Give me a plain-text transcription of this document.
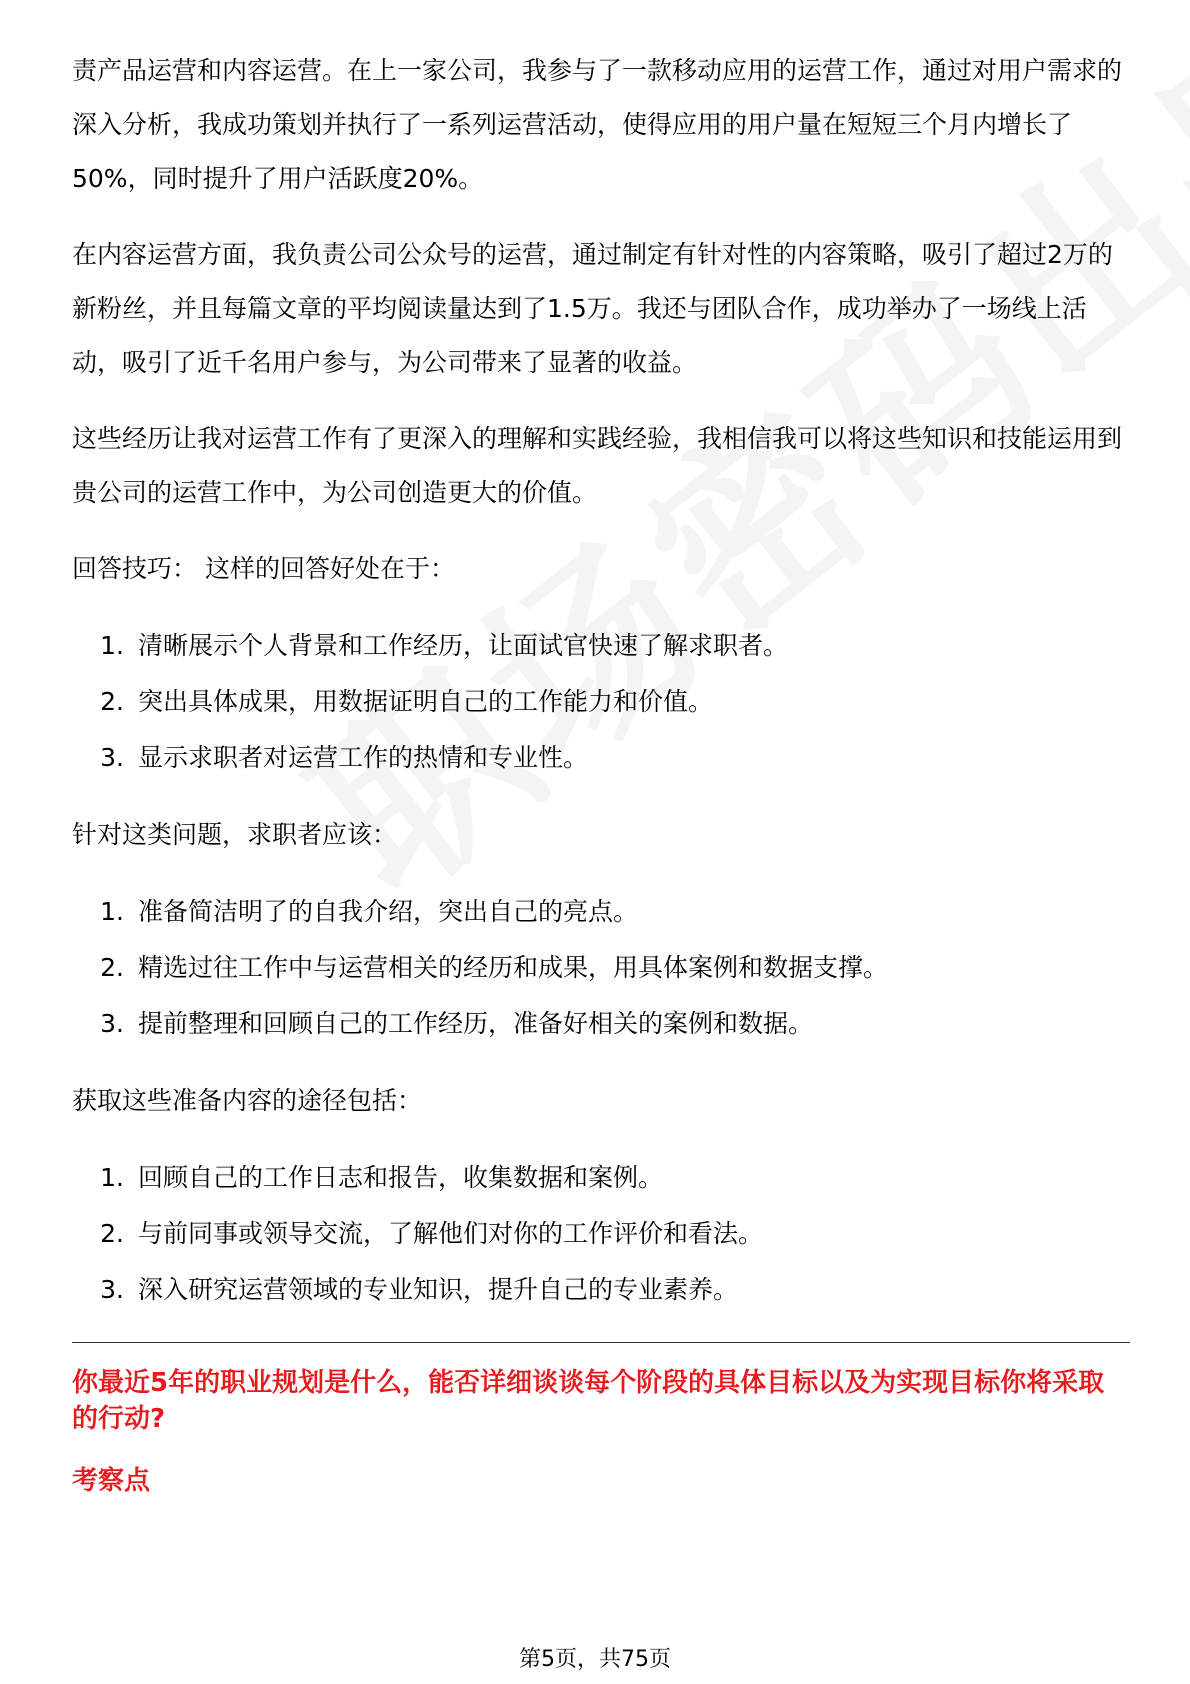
责产品运营和内容运营。在上一家公司，我参与了一款移动应用的运营工作，通过对用户需求的深入分析，我成功策划并执行了一系列运营活动，使得应用的用户量在短短三个月内增长了50%，同时提升了用户活跃度20%。

在内容运营方面，我负责公司公众号的运营，通过制定有针对性的内容策略，吸引了超过2万的新粉丝，并且每篇文章的平均阅读量达到了1.5万。我还与团队合作，成功举办了一场线上活动，吸引了近千名用户参与，为公司带来了显著的收益。

这些经历让我对运营工作有了更深入的理解和实践经验，我相信我可以将这些知识和技能运用到贵公司的运营工作中，为公司创造更大的价值。

回答技巧： 这样的回答好处在于：

1. 清晰展示个人背景和工作经历，让面试官快速了解求职者。
2. 突出具体成果，用数据证明自己的工作能力和价值。
3. 显示求职者对运营工作的热情和专业性。

针对这类问题，求职者应该：

1. 准备简洁明了的自我介绍，突出自己的亮点。
2. 精选过往工作中与运营相关的经历和成果，用具体案例和数据支撑。
3. 提前整理和回顾自己的工作经历，准备好相关的案例和数据。

获取这些准备内容的途径包括：

1. 回顾自己的工作日志和报告，收集数据和案例。
2. 与前同事或领导交流，了解他们对你的工作评价和看法。
3. 深入研究运营领域的专业知识，提升自己的专业素养。

你最近5年的职业规划是什么，能否详细谈谈每个阶段的具体目标以及为实现目标你将采取的行动?

考察点

第5页，共75页
